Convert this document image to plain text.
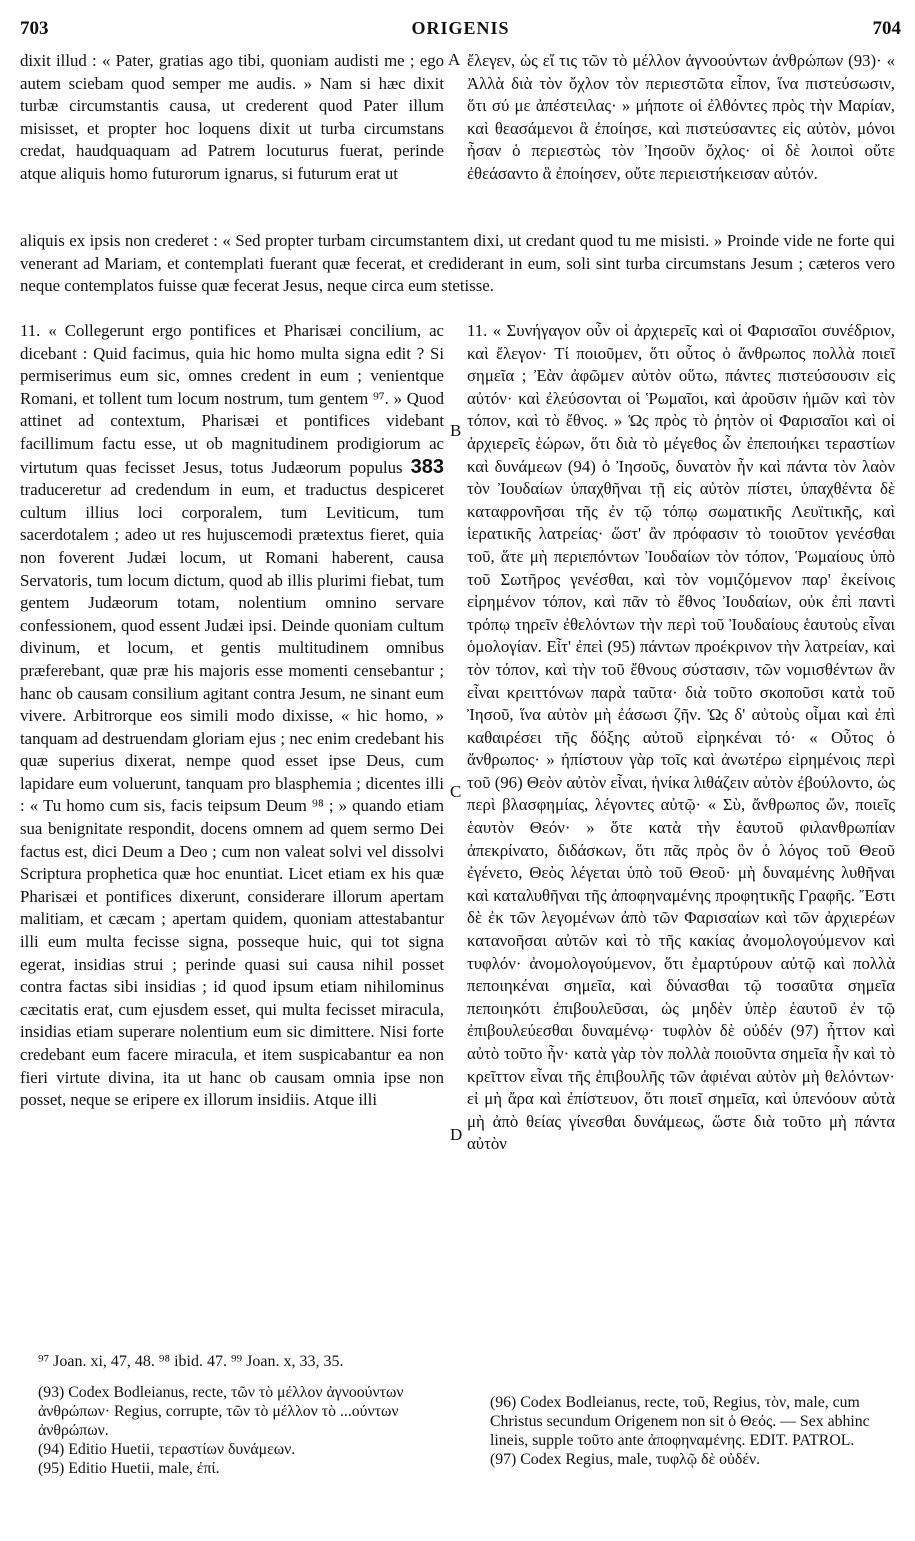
703	ORIGENIS	704
A
B
C
D

dixit illud : « Pater, gratias ago tibi, quoniam audisti me ; ego autem sciebam quod semper me audis. » Nam si hæc dixit turbæ circumstantis causa, ut crederent quod Pater illum misisset, et propter hoc loquens dixit ut turba circumstans credat, haudquaquam ad Patrem locuturus fuerat, perinde atque aliquis homo futurorum ignarus, si futurum erat ut

ἔλεγεν, ὡς εἴ τις τῶν τὸ μέλλον ἀγνοούντων ἀνθρώπων (93)· « Ἀλλὰ διὰ τὸν ὄχλον τὸν περιεστῶτα εἶπον, ἵνα πιστεύσωσιν, ὅτι σύ με ἀπέστειλας· » μήποτε οἱ ἐλθόντες πρὸς τὴν Μαρίαν, καὶ θεασάμενοι ἃ ἐποίησε, καὶ πιστεύσαντες εἰς αὐτὸν, μόνοι ἦσαν ὁ περιεστὼς τὸν Ἰησοῦν ὄχλος· οἱ δὲ λοιποὶ οὔτε ἐθεάσαντο ἃ ἐποίησεν, οὔτε περιειστήκεισαν αὐτόν.

aliquis ex ipsis non crederet : « Sed propter turbam circumstantem dixi, ut credant quod tu me misisti. » Proinde vide ne forte qui venerant ad Mariam, et contemplati fuerant quæ fecerat, et crediderant in eum, soli sint turba circumstans Jesum ; cæteros vero neque contemplatos fuisse quæ fecerat Jesus, neque circa eum stetisse.

11. « Collegerunt ergo pontifices et Pharisæi concilium, ac dicebant : Quid facimus, quia hic homo multa signa edit ? Si permiserimus eum sic, omnes credent in eum ; venientque Romani, et tollent tum locum nostrum, tum gentem ⁹⁷. » Quod attinet ad contextum, Pharisæi et pontifices videbant facillimum factu esse, ut ob magnitudinem prodigiorum ac virtutum quas fecisset Jesus, totus Judæorum populus 383 traduceretur ad credendum in eum, et traductus despiceret cultum illius loci corporalem, tum Leviticum, tum sacerdotalem ; adeo ut res hujuscemodi prætextus fieret, quia non foverent Judæi locum, ut Romani haberent, causa Servatoris, tum locum dictum, quod ab illis plurimi fiebat, tum gentem Judæorum totam, nolentium omnino servare confessionem, quod essent Judæi ipsi. Deinde quoniam cultum divinum, et locum, et gentis multitudinem omnibus præferebant, quæ præ his majoris esse momenti censebantur ; hanc ob causam consilium agitant contra Jesum, ne sinant eum vivere. Arbitrorque eos simili modo dixisse, « hic homo, » tanquam ad destruendam gloriam ejus ; nec enim credebant his quæ superius dixerat, nempe quod esset ipse Deus, cum lapidare eum voluerunt, tanquam pro blasphemia ; dicentes illi : « Tu homo cum sis, facis teipsum Deum ⁹⁸ ; » quando etiam sua benignitate respondit, docens omnem ad quem sermo Dei factus est, dici Deum a Deo ; cum non valeat solvi vel dissolvi Scriptura prophetica quæ hoc enuntiat. Licet etiam ex his quæ Pharisæi et pontifices dixerunt, considerare illorum apertam malitiam, et cæcam ; apertam quidem, quoniam attestabantur illi eum multa fecisse signa, posseque huic, qui tot signa egerat, insidias strui ; perinde quasi sui causa nihil posset contra factas sibi insidias ; id quod ipsum etiam nihilominus cæcitatis erat, cum ejusdem esset, qui multa fecisset miracula, insidias etiam superare nolentium eum sic dimittere. Nisi forte credebant eum facere miracula, et item suspicabantur ea non fieri virtute divina, ita ut hanc ob causam omnia ipse non posset, neque se eripere ex illorum insidiis. Atque illi

11. « Συνήγαγον οὖν οἱ ἀρχιερεῖς καὶ οἱ Φαρισαῖοι συνέδριον, καὶ ἔλεγον· Τί ποιοῦμεν, ὅτι οὗτος ὁ ἄνθρωπος πολλὰ ποιεῖ σημεῖα ; Ἐὰν ἀφῶμεν αὐτὸν οὕτω, πάντες πιστεύσουσιν εἰς αὐτόν· καὶ ἐλεύσονται οἱ Ῥωμαῖοι, καὶ ἀροῦσιν ἡμῶν καὶ τὸν τόπον, καὶ τὸ ἔθνος. » Ὡς πρὸς τὸ ῥητὸν οἱ Φαρισαῖοι καὶ οἱ ἀρχιερεῖς ἑώρων, ὅτι διὰ τὸ μέγεθος ὧν ἐπεποιήκει τεραστίων καὶ δυνάμεων (94) ὁ Ἰησοῦς, δυνατὸν ἦν καὶ πάντα τὸν λαὸν τὸν Ἰουδαίων ὑπαχθῆναι τῇ εἰς αὐτὸν πίστει, ὑπαχθέντα δὲ καταφρονῆσαι τῆς ἐν τῷ τόπῳ σωματικῆς Λευϊτικῆς, καὶ ἱερατικῆς λατρείας· ὥστ' ἂν πρόφασιν τὸ τοιοῦτον γενέσθαι τοῦ, ἅτε μὴ περιεπόντων Ἰουδαίων τὸν τόπον, Ῥωμαίους ὑπὸ τοῦ Σωτῆρος γενέσθαι, καὶ τὸν νομιζόμενον παρ' ἐκείνοις εἰρημένον τόπον, καὶ πᾶν τὸ ἔθνος Ἰουδαίων, οὐκ ἐπὶ παντὶ τρόπῳ τηρεῖν ἐθελόντων τὴν περὶ τοῦ Ἰουδαίους ἑαυτοὺς εἶναι ὁμολογίαν. Εἶτ' ἐπεὶ (95) πάντων προέκρινον τὴν λατρείαν, καὶ τὸν τόπον, καὶ τὴν τοῦ ἔθνους σύστασιν, τῶν νομισθέντων ἂν εἶναι κρειττόνων παρὰ ταῦτα· διὰ τοῦτο σκοποῦσι κατὰ τοῦ Ἰησοῦ, ἵνα αὐτὸν μὴ ἐάσωσι ζῆν. Ὡς δ' αὐτοὺς οἶμαι καὶ ἐπὶ καθαιρέσει τῆς δόξης αὐτοῦ εἰρηκέναι τό· « Οὗτος ὁ ἄνθρωπος· » ἠπίστουν γὰρ τοῖς καὶ ἀνωτέρω εἰρημένοις περὶ τοῦ (96) Θεὸν αὐτὸν εἶναι, ἡνίκα λιθάζειν αὐτὸν ἐβούλοντο, ὡς περὶ βλασφημίας, λέγοντες αὐτῷ· « Σὺ, ἄνθρωπος ὤν, ποιεῖς ἑαυτὸν Θεόν· » ὅτε κατὰ τὴν ἑαυτοῦ φιλανθρωπίαν ἀπεκρίνατο, διδάσκων, ὅτι πᾶς πρὸς ὃν ὁ λόγος τοῦ Θεοῦ ἐγένετο, Θεὸς λέγεται ὑπὸ τοῦ Θεοῦ· μὴ δυναμένης λυθῆναι καὶ καταλυθῆναι τῆς ἀποφηναμένης προφητικῆς Γραφῆς. Ἔστι δὲ ἐκ τῶν λεγομένων ἀπὸ τῶν Φαρισαίων καὶ τῶν ἀρχιερέων κατανοῆσαι αὐτῶν καὶ τὸ τῆς κακίας ἀνομολογούμενον καὶ τυφλόν· ἀνομολογούμενον, ὅτι ἐμαρτύρουν αὐτῷ καὶ πολλὰ πεποιηκέναι σημεῖα, καὶ δύνασθαι τῷ τοσαῦτα σημεῖα πεποιηκότι ἐπιβουλεῦσαι, ὡς μηδὲν ὑπὲρ ἑαυτοῦ ἐν τῷ ἐπιβουλεύεσθαι δυναμένῳ· τυφλὸν δὲ οὐδέν (97) ἧττον καὶ αὐτὸ τοῦτο ἦν· κατὰ γὰρ τὸν πολλὰ ποιοῦντα σημεῖα ἦν καὶ τὸ κρεῖττον εἶναι τῆς ἐπιβουλῆς τῶν ἀφιέναι αὐτὸν μὴ θελόντων· εἰ μὴ ἄρα καὶ ἐπίστευον, ὅτι ποιεῖ σημεῖα, καὶ ὑπενόουν αὐτὰ μὴ ἀπὸ θείας γίνεσθαι δυνάμεως, ὥστε διὰ τοῦτο μὴ πάντα αὐτὸν

⁹⁷ Joan. xi, 47, 48. ⁹⁸ ibid. 47. ⁹⁹ Joan. x, 33, 35.

(93) Codex Bodleianus, recte, τῶν τὸ μέλλον ἀγνοούντων ἀνθρώπων· Regius, corrupte, τῶν τὸ μέλλον τὸ ...ούντων ἀνθρώπων.

(94) Editio Huetii, τεραστίων δυνάμεων.

(95) Editio Huetii, male, ἐπί.

(96) Codex Bodleianus, recte, τοῦ, Regius, τὸν, male, cum Christus secundum Origenem non sit ὁ Θεός. — Sex abhinc lineis, supple τοῦτο ante ἀποφηναμένης. EDIT. PATROL.

(97) Codex Regius, male, τυφλῷ δὲ οὐδέν.
